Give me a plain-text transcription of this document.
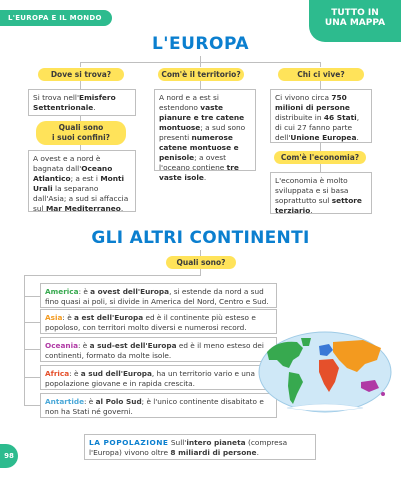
L'EUROPA E IL MONDO	TUTTO IN
UNA MAPPA
L'EUROPA
Dove si trova?	Com'è il territorio?	Chi ci vive?
Si trova nell'Emisfero Settentrionale.
Quali sono
i suoi confini?
A ovest e a nord è bagnata dall'Oceano Atlantico; a est i Monti Urali la separano dall'Asia; a sud si affaccia sul Mar Mediterraneo.
A nord e a est si estendono vaste pianure e tre catene montuose; a sud sono presenti numerose catene montuose e penisole; a ovest l'oceano contiene tre vaste isole.
Ci vivono circa 750 milioni di persone distribuite in 46 Stati, di cui 27 fanno parte dell'Unione Europea.
Com'è l'economia?
L'economia è molto sviluppata e si basa soprattutto sul settore terziario.
GLI ALTRI CONTINENTI
Quali sono?
America: è a ovest dell'Europa, si estende da nord a sud fino quasi ai poli, si divide in America del Nord, Centro e Sud.
Asia: è a est dell'Europa ed è il continente più esteso e popoloso, con territori molto diversi e numerosi record.
Oceania: è a sud-est dell'Europa ed è il meno esteso dei continenti, formato da molte isole.
Africa: è a sud dell'Europa, ha un territorio vario e una popolazione giovane e in rapida crescita.
Antartide: è al Polo Sud; è l'unico continente disabitato e non ha Stati né governi.
LA POPOLAZIONE Sull'intero pianeta (compresa l'Europa) vivono oltre 8 miliardi di persone.
98
